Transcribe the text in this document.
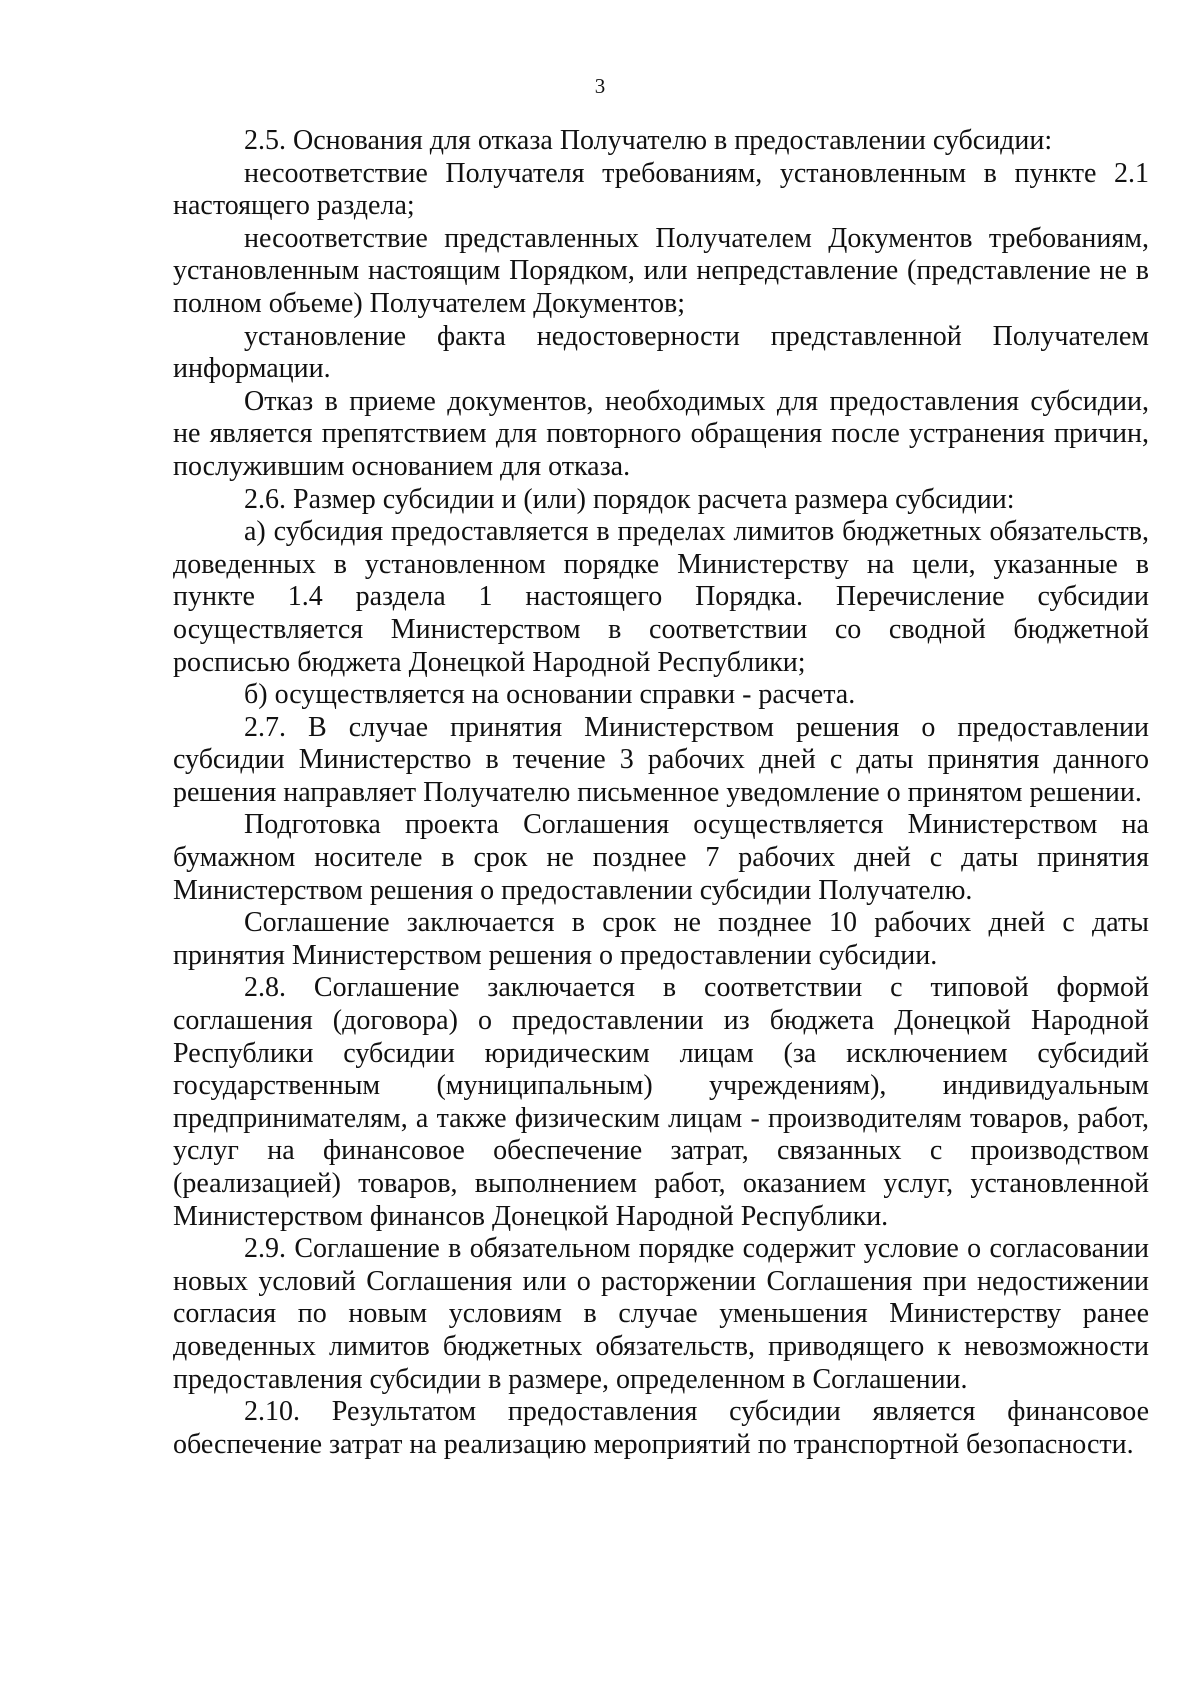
3

2.5. Основания для отказа Получателю в предоставлении субсидии:

несоответствие Получателя требованиям, установленным в пункте 2.1 настоящего раздела;

несоответствие представленных Получателем Документов требованиям, установленным настоящим Порядком, или непредставление (представление не в полном объеме) Получателем Документов;

установление факта недостоверности представленной Получателем информации.

Отказ в приеме документов, необходимых для предоставления субсидии, не является препятствием для повторного обращения после устранения причин, послужившим основанием для отказа.

2.6. Размер субсидии и (или) порядок расчета размера субсидии:

а) субсидия предоставляется в пределах лимитов бюджетных обязательств, доведенных в установленном порядке Министерству на цели, указанные в пункте 1.4 раздела 1 настоящего Порядка. Перечисление субсидии осуществляется Министерством в соответствии со сводной бюджетной росписью бюджета Донецкой Народной Республики;

б) осуществляется на основании справки - расчета.

2.7. В случае принятия Министерством решения о предоставлении субсидии Министерство в течение 3 рабочих дней с даты принятия данного решения направляет Получателю письменное уведомление о принятом решении.

Подготовка проекта Соглашения осуществляется Министерством на бумажном носителе в срок не позднее 7 рабочих дней с даты принятия Министерством решения о предоставлении субсидии Получателю.

Соглашение заключается в срок не позднее 10 рабочих дней с даты принятия Министерством решения о предоставлении субсидии.

2.8. Соглашение заключается в соответствии с типовой формой соглашения (договора) о предоставлении из бюджета Донецкой Народной Республики субсидии юридическим лицам (за исключением субсидий государственным (муниципальным) учреждениям), индивидуальным предпринимателям, а также физическим лицам - производителям товаров, работ, услуг на финансовое обеспечение затрат, связанных с производством (реализацией) товаров, выполнением работ, оказанием услуг, установленной Министерством финансов Донецкой Народной Республики.

2.9. Соглашение в обязательном порядке содержит условие о согласовании новых условий Соглашения или о расторжении Соглашения при недостижении согласия по новым условиям в случае уменьшения Министерству ранее доведенных лимитов бюджетных обязательств, приводящего к невозможности предоставления субсидии в размере, определенном в Соглашении.

2.10. Результатом предоставления субсидии является финансовое обеспечение затрат на реализацию мероприятий по транспортной безопасности.
